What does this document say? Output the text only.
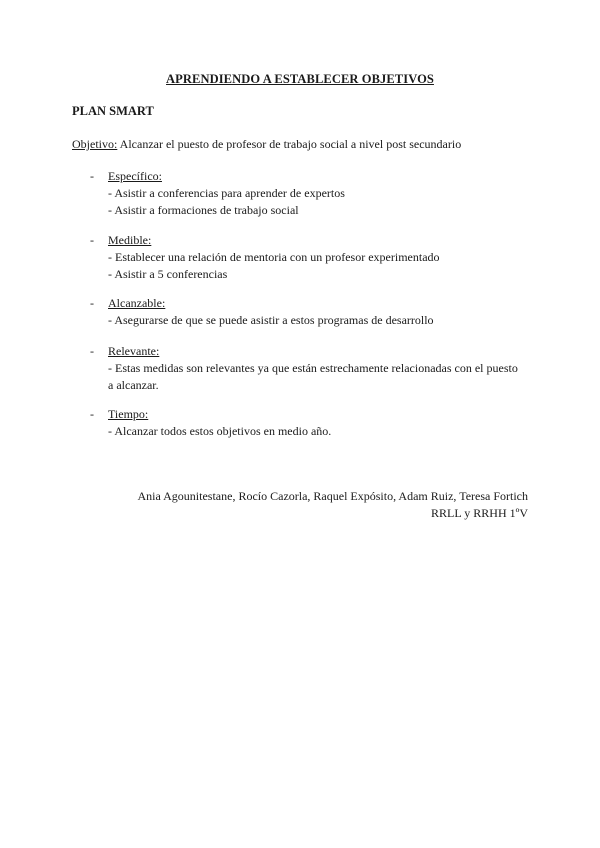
APRENDIENDO A ESTABLECER OBJETIVOS
PLAN SMART
Objetivo: Alcanzar el puesto de profesor de trabajo social a nivel post secundario
- Específico:
- Asistir a conferencias para aprender de expertos
- Asistir a formaciones de trabajo social
- Medible:
- Establecer una relación de mentoria con un profesor experimentado
- Asistir a 5 conferencias
- Alcanzable:
- Asegurarse de que se puede asistir a estos programas de desarrollo
- Relevante:
- Estas medidas son relevantes ya que están estrechamente relacionadas con el puesto
a alcanzar.
- Tiempo:
- Alcanzar todos estos objetivos en medio año.
Ania Agounitestane, Rocío Cazorla, Raquel Expósito, Adam Ruiz, Teresa Fortich
RRLL y RRHH 1ºV
